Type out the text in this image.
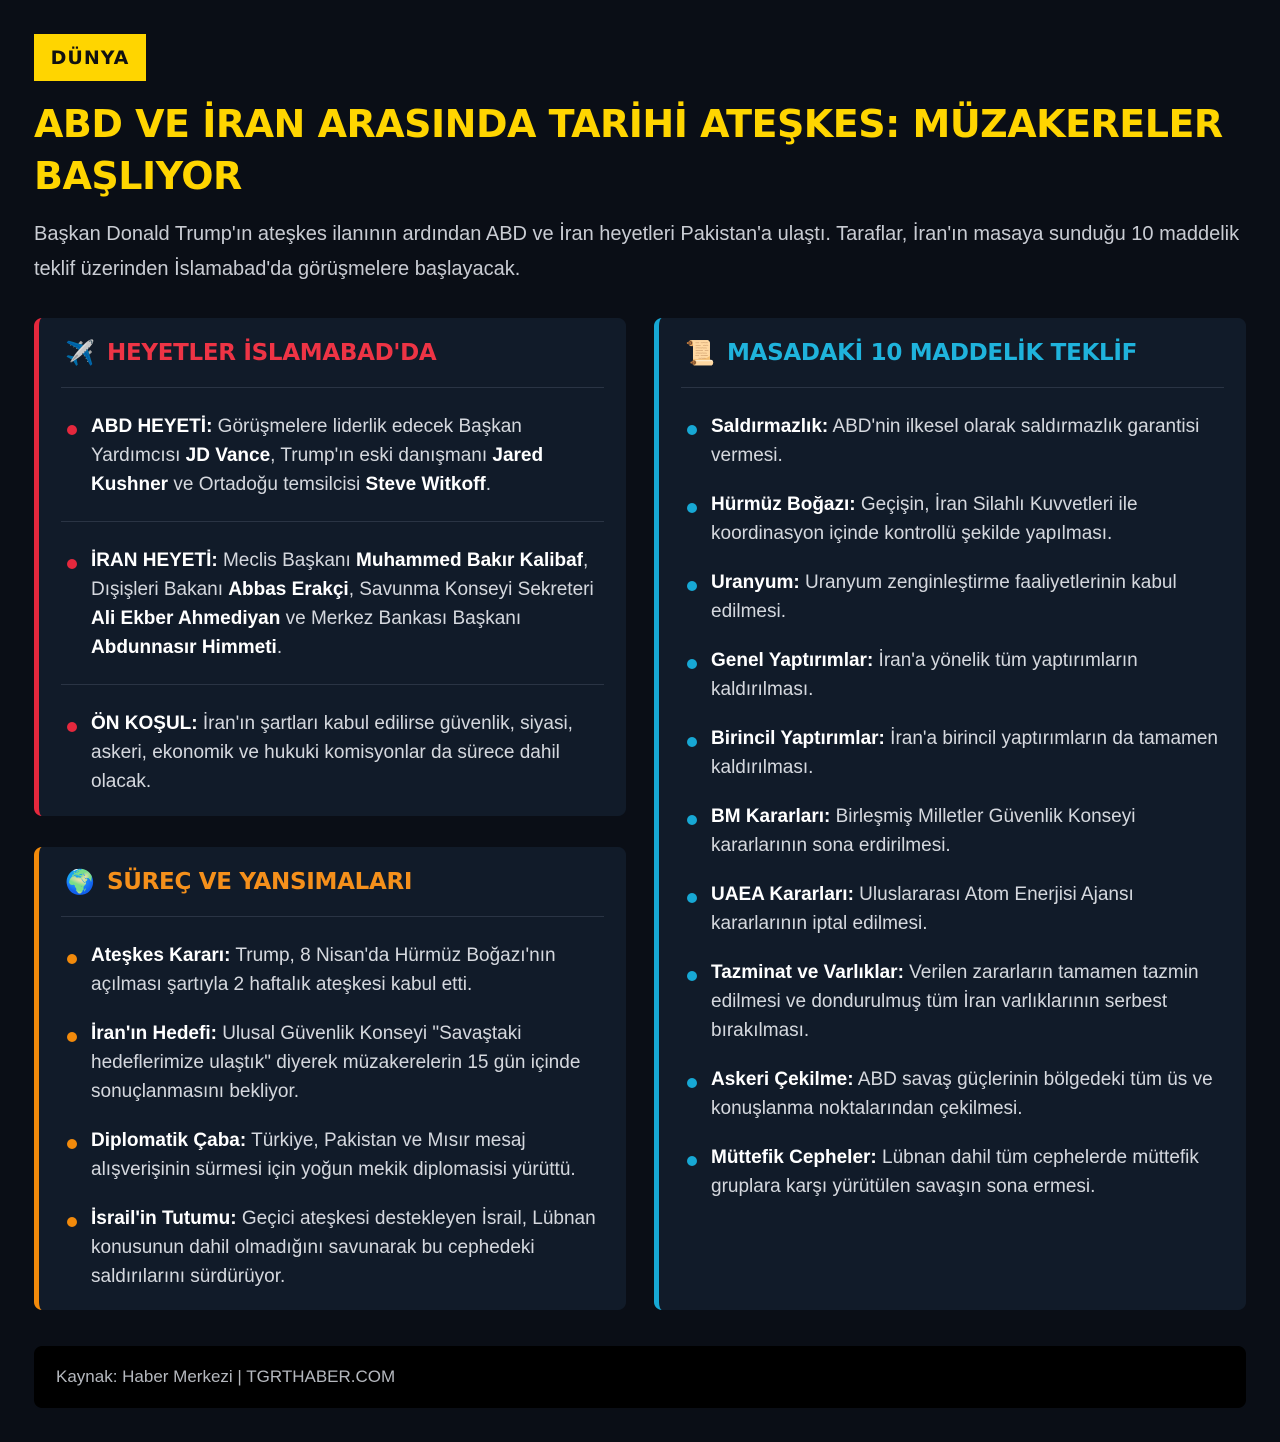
DÜNYA
ABD VE İRAN ARASINDA TARİHİ ATEŞKES: MÜZAKERELER BAŞLIYOR

Başkan Donald Trump'ın ateşkes ilanının ardından ABD ve İran heyetleri Pakistan'a ulaştı. Taraflar, İran'ın masaya sunduğu 10 maddelik teklif üzerinden İslamabad'da görüşmelere başlayacak.

✈️ HEYETLER İSLAMABAD'DA
ABD HEYETİ: Görüşmelere liderlik edecek Başkan Yardımcısı JD Vance, Trump'ın eski danışmanı Jared Kushner ve Ortadoğu temsilcisi Steve Witkoff.
İRAN HEYETİ: Meclis Başkanı Muhammed Bakır Kalibaf, Dışişleri Bakanı Abbas Erakçi, Savunma Konseyi Sekreteri Ali Ekber Ahmediyan ve Merkez Bankası Başkanı Abdunnasır Himmeti.
ÖN KOŞUL: İran'ın şartları kabul edilirse güvenlik, siyasi, askeri, ekonomik ve hukuki komisyonlar da sürece dahil olacak.
🌍 SÜREÇ VE YANSIMALARI
Ateşkes Kararı: Trump, 8 Nisan'da Hürmüz Boğazı'nın açılması şartıyla 2 haftalık ateşkesi kabul etti.
İran'ın Hedefi: Ulusal Güvenlik Konseyi "Savaştaki hedeflerimize ulaştık" diyerek müzakerelerin 15 gün içinde sonuçlanmasını bekliyor.
Diplomatik Çaba: Türkiye, Pakistan ve Mısır mesaj alışverişinin sürmesi için yoğun mekik diplomasisi yürüttü.
İsrail'in Tutumu: Geçici ateşkesi destekleyen İsrail, Lübnan konusunun dahil olmadığını savunarak bu cephedeki saldırılarını sürdürüyor.
📜 MASADAKİ 10 MADDELİK TEKLİF
Saldırmazlık: ABD'nin ilkesel olarak saldırmazlık garantisi vermesi.
Hürmüz Boğazı: Geçişin, İran Silahlı Kuvvetleri ile koordinasyon içinde kontrollü şekilde yapılması.
Uranyum: Uranyum zenginleştirme faaliyetlerinin kabul edilmesi.
Genel Yaptırımlar: İran'a yönelik tüm yaptırımların kaldırılması.
Birincil Yaptırımlar: İran'a birincil yaptırımların da tamamen kaldırılması.
BM Kararları: Birleşmiş Milletler Güvenlik Konseyi kararlarının sona erdirilmesi.
UAEA Kararları: Uluslararası Atom Enerjisi Ajansı kararlarının iptal edilmesi.
Tazminat ve Varlıklar: Verilen zararların tamamen tazmin edilmesi ve dondurulmuş tüm İran varlıklarının serbest bırakılması.
Askeri Çekilme: ABD savaş güçlerinin bölgedeki tüm üs ve konuşlanma noktalarından çekilmesi.
Müttefik Cepheler: Lübnan dahil tüm cephelerde müttefik gruplara karşı yürütülen savaşın sona ermesi.
Kaynak: Haber Merkezi | TGRTHABER.COM
